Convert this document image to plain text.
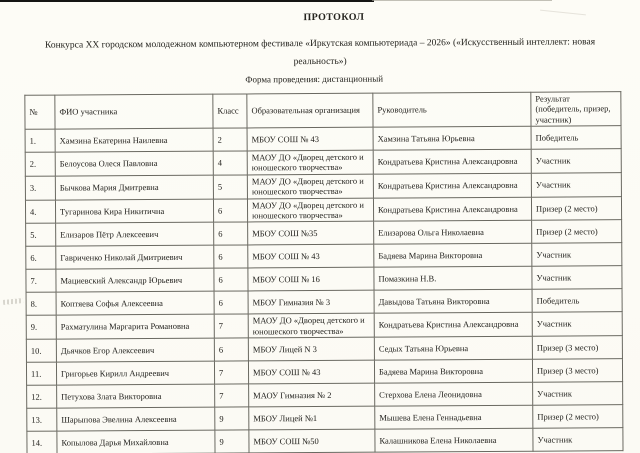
ПРОТОКОЛ
Конкурса XX городском молодежном компьютерном фестивале «Иркутская компьютериада – 2026» («Искусственный интеллект: новая реальность»)
Форма проведения: дистанционный
№	ФИО участника	Класс	Образовательная организация	Руководитель	Результат (победитель, призер, участник)
1.	Хамзина Екатерина Наилевна	2	МБОУ СОШ № 43	Хамзина Татьяна Юрьевна	Победитель
2.	Белоусова Олеся Павловна	4	МАОУ ДО «Дворец детского и юношеского творчества»	Кондратьева Кристина Александровна	Участник
3.	Бычкова Мария Дмитревна	5	МАОУ ДО «Дворец детского и юношеского творчества»	Кондратьева Кристина Александровна	Участник
4.	Тугаринова Кира Никитична	6	МАОУ ДО «Дворец детского и юношеского творчества»	Кондратьева Кристина Александровна	Призер (2 место)
5.	Елизаров Пётр Алексеевич	6	МБОУ СОШ №35	Елизарова Ольга Николаевна	Призер (2 место)
6.	Гавриченко Николай Дмитриевич	6	МБОУ СОШ № 43	Бадяева Марина Викторовна	Участник
7.	Мациевский Александр Юрьевич	6	МБОУ СОШ № 16	Помазкина Н.В.	Участник
8.	Коптяева Софья Алексеевна	6	МБОУ Гимназия № 3	Давыдова Татьяна Викторовна	Победитель
9.	Рахматулина Маргарита Романовна	7	МАОУ ДО «Дворец детского и юношеского творчества»	Кондратьева Кристина Александровна	Участник
10.	Дьячков Егор Алексеевич	6	МБОУ Лицей N 3	Седых Татьяна Юрьевна	Призер (3 место)
11.	Григорьев Кирилл Андреевич	7	МБОУ СОШ № 43	Бадяева Марина Викторовна	Призер (3 место)
12.	Петухова Злата Викторовна	7	МАОУ Гимназия № 2	Стерхова Елена Леонидовна	Участник
13.	Шарыпова Эвелина Алексеевна	9	МБОУ Лицей №1	Мышева Елена Геннадьевна	Призер (2 место)
14.	Копылова Дарья Михайловна	9	МБОУ СОШ №50	Калашникова Елена Николаевна	Участник
